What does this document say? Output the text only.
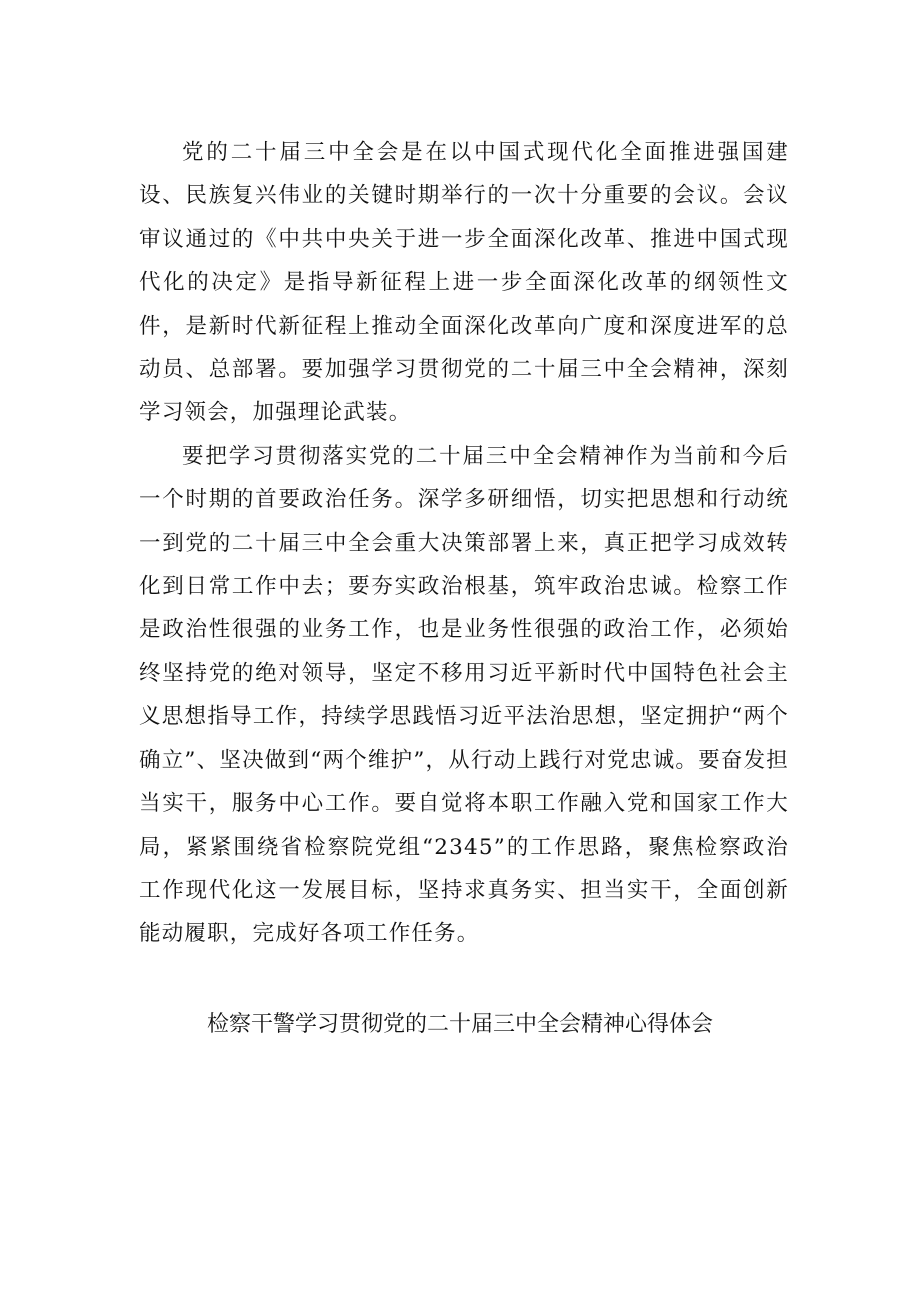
党的二十届三中全会是在以中国式现代化全面推进强国建设、民族复兴伟业的关键时期举行的一次十分重要的会议。会议审议通过的《中共中央关于进一步全面深化改革、推进中国式现代化的决定》是指导新征程上进一步全面深化改革的纲领性文件，是新时代新征程上推动全面深化改革向广度和深度进军的总动员、总部署。要加强学习贯彻党的二十届三中全会精神，深刻学习领会，加强理论武装。

要把学习贯彻落实党的二十届三中全会精神作为当前和今后一个时期的首要政治任务。深学多研细悟，切实把思想和行动统一到党的二十届三中全会重大决策部署上来，真正把学习成效转化到日常工作中去；要夯实政治根基，筑牢政治忠诚。检察工作是政治性很强的业务工作，也是业务性很强的政治工作，必须始终坚持党的绝对领导，坚定不移用习近平新时代中国特色社会主义思想指导工作，持续学思践悟习近平法治思想，坚定拥护“两个确立”、坚决做到“两个维护”，从行动上践行对党忠诚。要奋发担当实干，服务中心工作。要自觉将本职工作融入党和国家工作大局，紧紧围绕省检察院党组“2345”的工作思路，聚焦检察政治工作现代化这一发展目标，坚持求真务实、担当实干，全面创新能动履职，完成好各项工作任务。

检察干警学习贯彻党的二十届三中全会精神心得体会
